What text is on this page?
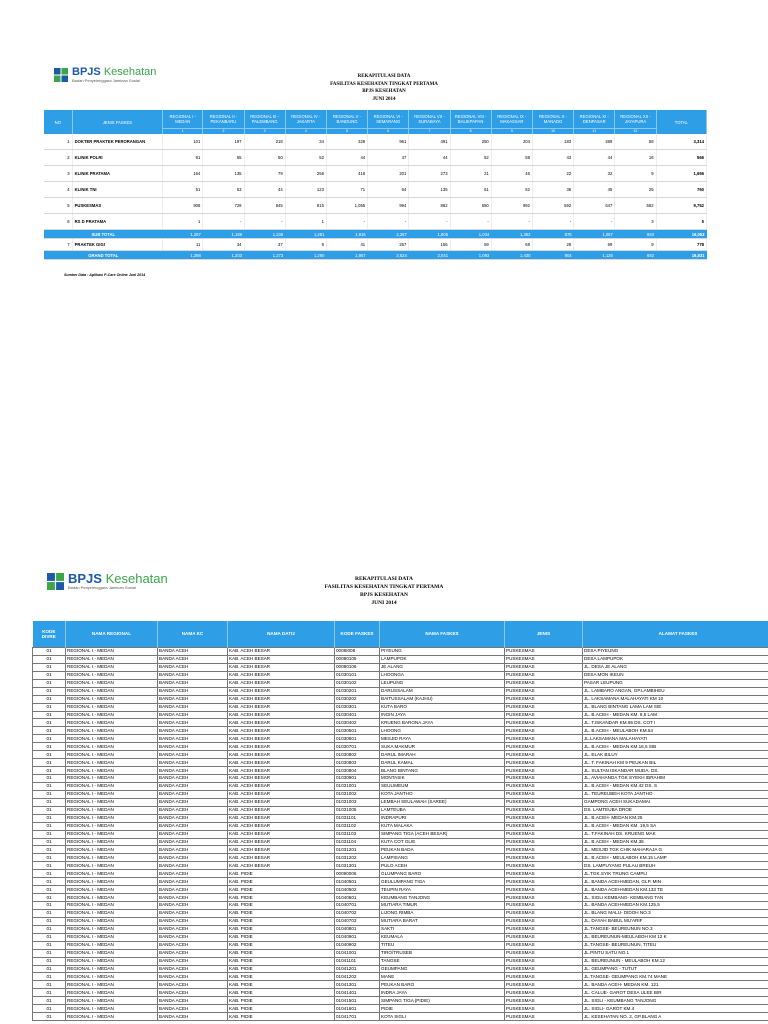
BPJS Kesehatan
Badan Penyelenggara Jaminan Sosial
REKAPITULASI DATA
FASILITAS KESEHATAN TINGKAT PERTAMA
BPJS KESEHATAN
JUNI 2014
NO	JENIS FASKES	REGIONAL I - MEDAN	REGIONAL II - PEKANBARU	REGIONAL III - PALEMBANG	REGIONAL IV - JAKARTA	REGIONAL V - BANDUNG	REGIONAL VI - SEMARANG	REGIONAL VII - SURABAYA	REGIONAL VIII - BALIKPAPAN	REGIONAL IX - MAKASSAR	REGIONAL X - MANADO	REGIONAL XI - DENPASAR	REGIONAL XII - JAYAPURA	TOTAL
		1	2	3	4	5	6	7	8	9	10	11	12	
1	DOKTER PRAKTEK PERORANGAN	101	197	218	34	328	961	491	250	204	183	289	58	3,314
2	KLINIK POLRI	61	55	50	52	44	47	44	52	58	43	44	16	566
3	KLINIK PRATAMA	164	135	79	256	418	201	273	21	46	22	32	9	1,656
4	KLINIK TNI	51	53	44	123	71	64	135	61	62	36	45	25	760
5	PUSKESMAS	908	729	845	815	1,055	994	862	650	992	592	647	562	9,752
6	RS D PRATAMA	1	-	-	1	-	-	-	-	-	-	-	3	5
SUB TOTAL		1,287	1,169	1,236	1,281	1,916	2,267	1,805	1,034	1,362	876	1,057	683	16,053
7	PRAKTEK GIGI	11	34	37	9	41	257	156	59	68	28	69	9	778
GRAND TOTAL		1,298	1,203	1,273	1,290	1,957	2,524	2,041	1,093	1,430	904	1,126	692	16,831
Sumber Data : Aplikasi P-Care Online Juni 2014
BPJS Kesehatan
Badan Penyelenggara Jaminan Sosial
REKAPITULASI DATA
FASILITAS KESEHATAN TINGKAT PERTAMA
BPJS KESEHATAN
JUNI 2014
KODE DIVRE	NAMA REGIONAL	NAMA KC	NAMA DATI2	KODE FASKES	NAMA FASKES	JENIS	ALAMAT FASKES
01	REGIONAL I - MEDAN	BANDA ACEH	KAB. ACEH BESAR	0008I008	PIYEUNG	PUSKESMAS	DESA PIYEUNG
01	REGIONAL I - MEDAN	BANDA ACEH	KAB. ACEH BESAR	00080105	LAMPUPOK	PUSKESMAS	DESA LAMPUPOK
01	REGIONAL I - MEDAN	BANDA ACEH	KAB. ACEH BESAR	00080106	JE ALANG	PUSKESMAS	JL. DESA JE ALANG
01	REGIONAL I - MEDAN	BANDA ACEH	KAB. ACEH BESAR	01030101	LHOONGA	PUSKESMAS	DESA MON IKEUN
01	REGIONAL I - MEDAN	BANDA ACEH	KAB. ACEH BESAR	01030102	LEUPUNG	PUSKESMAS	PASAR LEUPUNG
01	REGIONAL I - MEDAN	BANDA ACEH	KAB. ACEH BESAR	01030201	DARUSSALAM	PUSKESMAS	JL. LAMBARO ANGAN, GP.LAMBIHEU
01	REGIONAL I - MEDAN	BANDA ACEH	KAB. ACEH BESAR	01030202	BAITUSSALAM (KAJHU)	PUSKESMAS	JL. LAKSAMANA MALAHAYATI KM 10
01	REGIONAL I - MEDAN	BANDA ACEH	KAB. ACEH BESAR	01030301	KUTA BARO	PUSKESMAS	JL. BLANG BINTANG LAMA LAM SIE
01	REGIONAL I - MEDAN	BANDA ACEH	KAB. ACEH BESAR	01030401	INGIN JAYA	PUSKESMAS	JL. B.ACEH - MEDAN KM. 8,5 LAM
01	REGIONAL I - MEDAN	BANDA ACEH	KAB. ACEH BESAR	01030402	KRUENG BARONA JAYA	PUSKESMAS	JL. T.ISKANDAR KM.65 DS. COT I
01	REGIONAL I - MEDAN	BANDA ACEH	KAB. ACEH BESAR	01030501	LHOONG	PUSKESMAS	JL. B.ACEH - MEULABOH KM.54
01	REGIONAL I - MEDAN	BANDA ACEH	KAB. ACEH BESAR	01030601	MESJID RAYA	PUSKESMAS	JL.LAKSAMANA MALAHAYATI
01	REGIONAL I - MEDAN	BANDA ACEH	KAB. ACEH BESAR	01030701	SUKA MAKMUR	PUSKESMAS	JL. B.ACEH - MEDAN KM.16,5 SIB
01	REGIONAL I - MEDAN	BANDA ACEH	KAB. ACEH BESAR	01030802	DARUL IMARAH	PUSKESMAS	JL. ELAK BILUY
01	REGIONAL I - MEDAN	BANDA ACEH	KAB. ACEH BESAR	01030803	DARUL KAMAL	PUSKESMAS	JL. T. FAKINAH KM 9 PEUKAN BIL
01	REGIONAL I - MEDAN	BANDA ACEH	KAB. ACEH BESAR	01030804	BLANG BINTANG	PUSKESMAS	JL. SULTAN ISKANDAR MUDA, DS.
01	REGIONAL I - MEDAN	BANDA ACEH	KAB. ACEH BESAR	01030901	MONTASIK	PUSKESMAS	JL. AVIAHANDA TGK SYEKH IBRAHIM
01	REGIONAL I - MEDAN	BANDA ACEH	KAB. ACEH BESAR	01031001	SEULIMEUM	PUSKESMAS	JL. B.ACEH - MEDAN KM.42 DS. S
01	REGIONAL I - MEDAN	BANDA ACEH	KAB. ACEH BESAR	01031002	KOTA JANTHO	PUSKESMAS	JL. TEUREUBEH KOTA JANTHO
01	REGIONAL I - MEDAN	BANDA ACEH	KAB. ACEH BESAR	01031003	LEMBAH SEULAWAH (SAREE)	PUSKESMAS	GAMPONG ACEH SUKADAMAI
01	REGIONAL I - MEDAN	BANDA ACEH	KAB. ACEH BESAR	01031005	LAMTEUBA	PUSKESMAS	DS. LAMTEUBA DROE
01	REGIONAL I - MEDAN	BANDA ACEH	KAB. ACEH BESAR	01031101	INDRAPURI	PUSKESMAS	JL. B.ACEH- MEDAN KM.25
01	REGIONAL I - MEDAN	BANDA ACEH	KAB. ACEH BESAR	01031102	KUTA MALAKA	PUSKESMAS	JL. B.ACEH - MEDAN KM. 19,5 SA
01	REGIONAL I - MEDAN	BANDA ACEH	KAB. ACEH BESAR	01031103	SIMPANG TIGA (ACEH BESAR)	PUSKESMAS	JL. T.FAKINAH DS. KRUENG MAK
01	REGIONAL I - MEDAN	BANDA ACEH	KAB. ACEH BESAR	01031104	KUTA COT GLIE	PUSKESMAS	JL. B.ACEH - MEDAN KM.36
01	REGIONAL I - MEDAN	BANDA ACEH	KAB. ACEH BESAR	01031201	PEUKAN BADA	PUSKESMAS	JL. MESJID TGK CHIK MAHARAJA G
01	REGIONAL I - MEDAN	BANDA ACEH	KAB. ACEH BESAR	01031202	LAMPISANG	PUSKESMAS	JL. B.ACEH - MEULABOH KM.15 LAMP
01	REGIONAL I - MEDAN	BANDA ACEH	KAB. ACEH BESAR	01031301	PULO ACEH	PUSKESMAS	DS. LAMPUYANG PULAU BREUH
01	REGIONAL I - MEDAN	BANDA ACEH	KAB. PIDIE	00090006	GLUMPANG BARO	PUSKESMAS	JL.TGK.SYIK TRUNG CAMPLI
01	REGIONAL I - MEDAN	BANDA ACEH	KAB. PIDIE	01040501	GEULUMPANG TIGA	PUSKESMAS	JL. BANDA ACEH-MEDAN, GLP. MIN
01	REGIONAL I - MEDAN	BANDA ACEH	KAB. PIDIE	01040502	TEUPIN RAYA	PUSKESMAS	JL. BANDA ACEH-MEDAN KM.133 TE
01	REGIONAL I - MEDAN	BANDA ACEH	KAB. PIDIE	01040601	KEUMBANG TANJONG	PUSKESMAS	JL. SIGLI KEMBANG- KEMBANG TAN
01	REGIONAL I - MEDAN	BANDA ACEH	KAB. PIDIE	01040701	MUTIARA TIMUR	PUSKESMAS	JL. BANDA ACEH-MEDAN KM.125,5
01	REGIONAL I - MEDAN	BANDA ACEH	KAB. PIDIE	01040702	LIJONG RIMBA	PUSKESMAS	JL. BLANG MALU- DIDOH NO.3
01	REGIONAL I - MEDAN	BANDA ACEH	KAB. PIDIE	01040703	MUTIARA BARAT	PUSKESMAS	JL. DAYAH BABUL MU'ARIF
01	REGIONAL I - MEDAN	BANDA ACEH	KAB. PIDIE	01040801	SAKTI	PUSKESMAS	JL.TANGSE- BEUREUNUN NO.3
01	REGIONAL I - MEDAN	BANDA ACEH	KAB. PIDIE	01040901	KEUMALA	PUSKESMAS	JL. BEUREUNUN-MEULABOH KM 12 K
01	REGIONAL I - MEDAN	BANDA ACEH	KAB. PIDIE	01040902	TITEU	PUSKESMAS	JL.TANGSE- BEUREUNUN, TITEU
01	REGIONAL I - MEDAN	BANDA ACEH	KAB. PIDIE	01041001	TIRO/TRUSEB	PUSKESMAS	JL.PINTU SATU NO.1
01	REGIONAL I - MEDAN	BANDA ACEH	KAB. PIDIE	01041101	TANGSE	PUSKESMAS	JL. BEUREUNUN - MEULABOH KM.12
01	REGIONAL I - MEDAN	BANDA ACEH	KAB. PIDIE	01041201	GEUMPANG	PUSKESMAS	JL. GEUMPANG - TUTUT
01	REGIONAL I - MEDAN	BANDA ACEH	KAB. PIDIE	01041202	MANE	PUSKESMAS	JL.TANGSE- GEUMPANG KM.74 MANE
01	REGIONAL I - MEDAN	BANDA ACEH	KAB. PIDIE	01041301	PEUKAN BARO	PUSKESMAS	JL. BANDA ACEH- MEDAN KM. 121
01	REGIONAL I - MEDAN	BANDA ACEH	KAB. PIDIE	01041401	INDRA JAYA	PUSKESMAS	JL. CALUE- GAROT DESA ULEE BIR
01	REGIONAL I - MEDAN	BANDA ACEH	KAB. PIDIE	01041501	SIMPANG TIGA (PIDIE)	PUSKESMAS	JL. SIGLI - KEUMBANG TANJONG
01	REGIONAL I - MEDAN	BANDA ACEH	KAB. PIDIE	01041601	PIDIE	PUSKESMAS	JL. SIGLI- GAROT KM.4
01	REGIONAL I - MEDAN	BANDA ACEH	KAB. PIDIE	01041701	KOTA SIGLI	PUSKESMAS	JL. KESEHATAN NO. 2, GP.BLANG A
